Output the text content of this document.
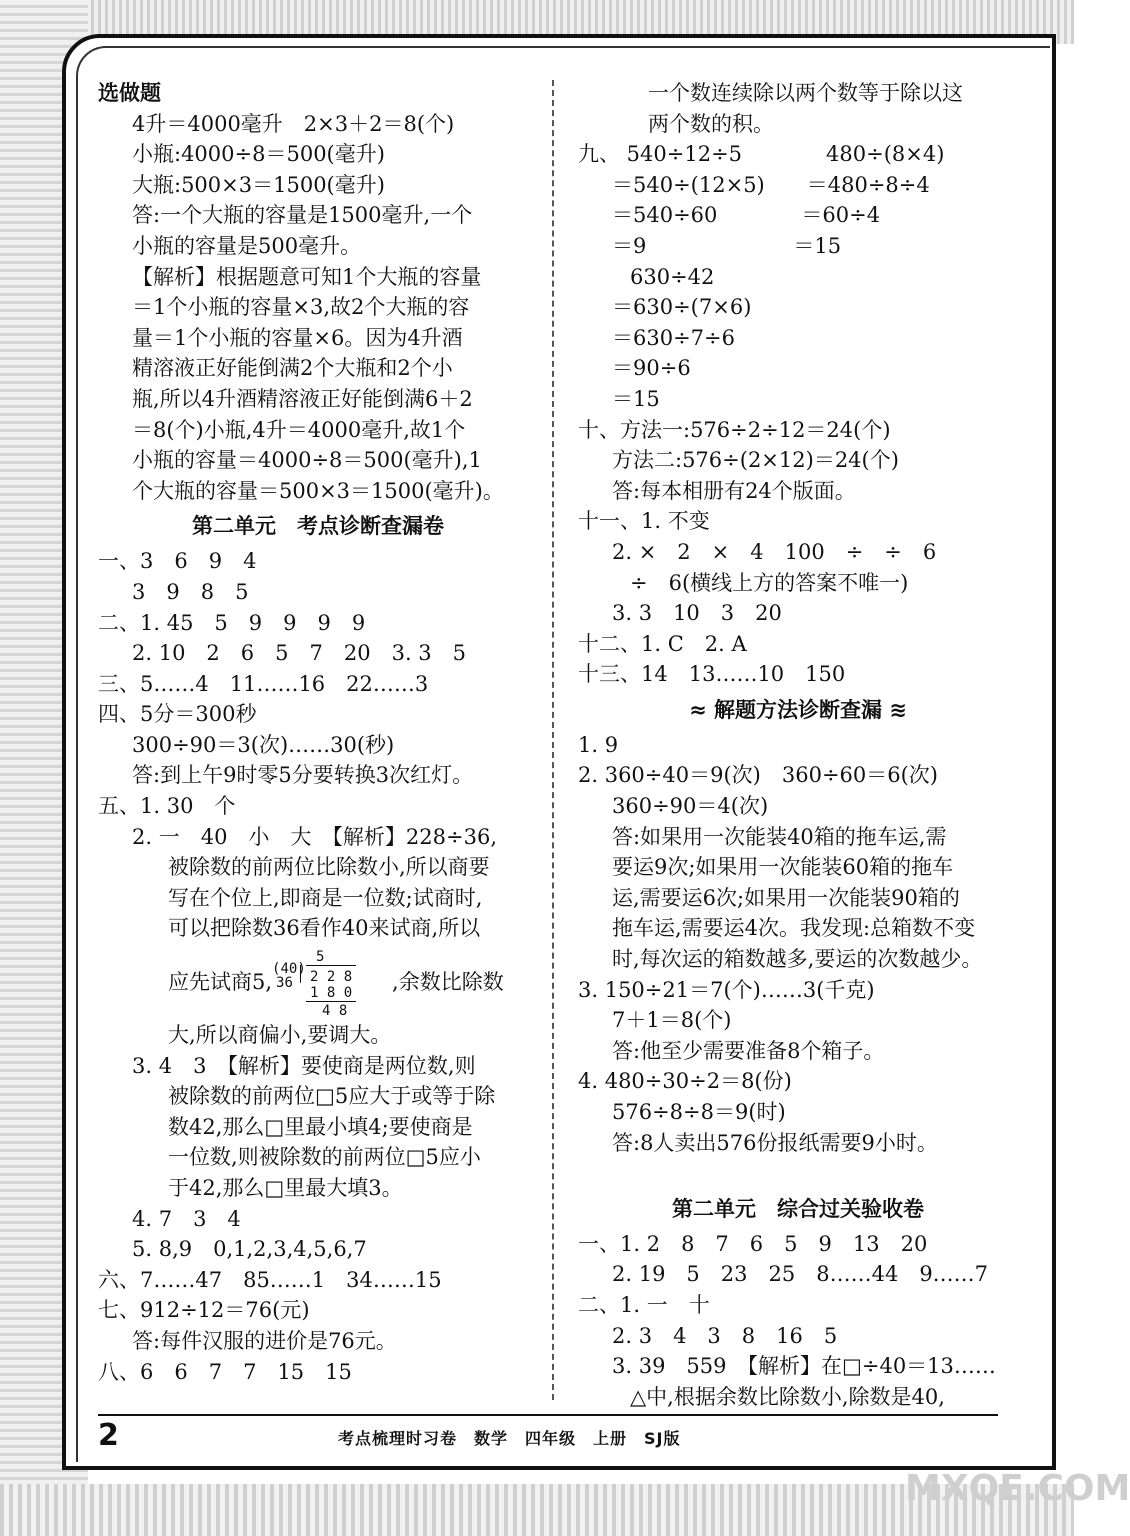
选做题
4升＝4000毫升　2×3＋2＝8(个)
小瓶:4000÷8＝500(毫升)
大瓶:500×3＝1500(毫升)
答:一个大瓶的容量是1500毫升,一个
小瓶的容量是500毫升。
【解析】根据题意可知1个大瓶的容量
＝1个小瓶的容量×3,故2个大瓶的容
量＝1个小瓶的容量×6。因为4升酒
精溶液正好能倒满2个大瓶和2个小
瓶,所以4升酒精溶液正好能倒满6＋2
＝8(个)小瓶,4升＝4000毫升,故1个
小瓶的容量＝4000÷8＝500(毫升),1
个大瓶的容量＝500×3＝1500(毫升)。
第二单元　考点诊断查漏卷
一、3　6　9　4
3　9　8　5
二、1. 45　5　9　9　9　9
2. 10　2　6　5　7　20　3. 3　5
三、5……4　11……16　22……3
四、5分＝300秒
300÷90＝3(次)……30(秒)
答:到上午9时零5分要转换3次红灯。
五、1. 30　个
2. 一　40　小　大　【解析】228÷36,
被除数的前两位比除数小,所以商要
写在个位上,即商是一位数;试商时,
可以把除数36看作40来试商,所以
应先试商5,
5
(40)
36 2 2 8
1 8 0
4 8
,余数比除数
大,所以商偏小,要调大。
3. 4　3　【解析】要使商是两位数,则
被除数的前两位□5应大于或等于除
数42,那么□里最小填4;要使商是
一位数,则被除数的前两位□5应小
于42,那么□里最大填3。
4. 7　3　4
5. 8,9　0,1,2,3,4,5,6,7
六、7……47　85……1　34……15
七、912÷12＝76(元)
答:每件汉服的进价是76元。
八、6　6　7　7　15　15
一个数连续除以两个数等于除以这
两个数的积。
九、 540÷12÷5　　　　480÷(8×4)
＝540÷(12×5)　　＝480÷8÷4
＝540÷60　　　　＝60÷4
＝9　　　　　　　＝15
630÷42
＝630÷(7×6)
＝630÷7÷6
＝90÷6
＝15
十、方法一:576÷2÷12＝24(个)
方法二:576÷(2×12)＝24(个)
答:每本相册有24个版面。
十一、1. 不变
2. ×　2　×　4　100　÷　÷　6
÷　6(横线上方的答案不唯一)
3. 3　10　3　20
十二、1. C　2. A
十三、14　13……10　150
≈ 解题方法诊断查漏 ≋
1. 9
2. 360÷40＝9(次)　360÷60＝6(次)
360÷90＝4(次)
答:如果用一次能装40箱的拖车运,需
要运9次;如果用一次能装60箱的拖车
运,需要运6次;如果用一次能装90箱的
拖车运,需要运4次。我发现:总箱数不变
时,每次运的箱数越多,要运的次数越少。
3. 150÷21＝7(个)……3(千克)
7＋1＝8(个)
答:他至少需要准备8个箱子。
4. 480÷30÷2＝8(份)
576÷8÷8＝9(时)
答:8人卖出576份报纸需要9小时。
第二单元　综合过关验收卷
一、1. 2　8　7　6　5　9　13　20
2. 19　5　23　25　8……44　9……7
二、1. 一　十
2. 3　4　3　8　16　5
3. 39　559　【解析】在□÷40＝13……
△中,根据余数比除数小,除数是40,
2	考点梳理时习卷　数学　四年级　上册　SJ版
MXQE.COM
